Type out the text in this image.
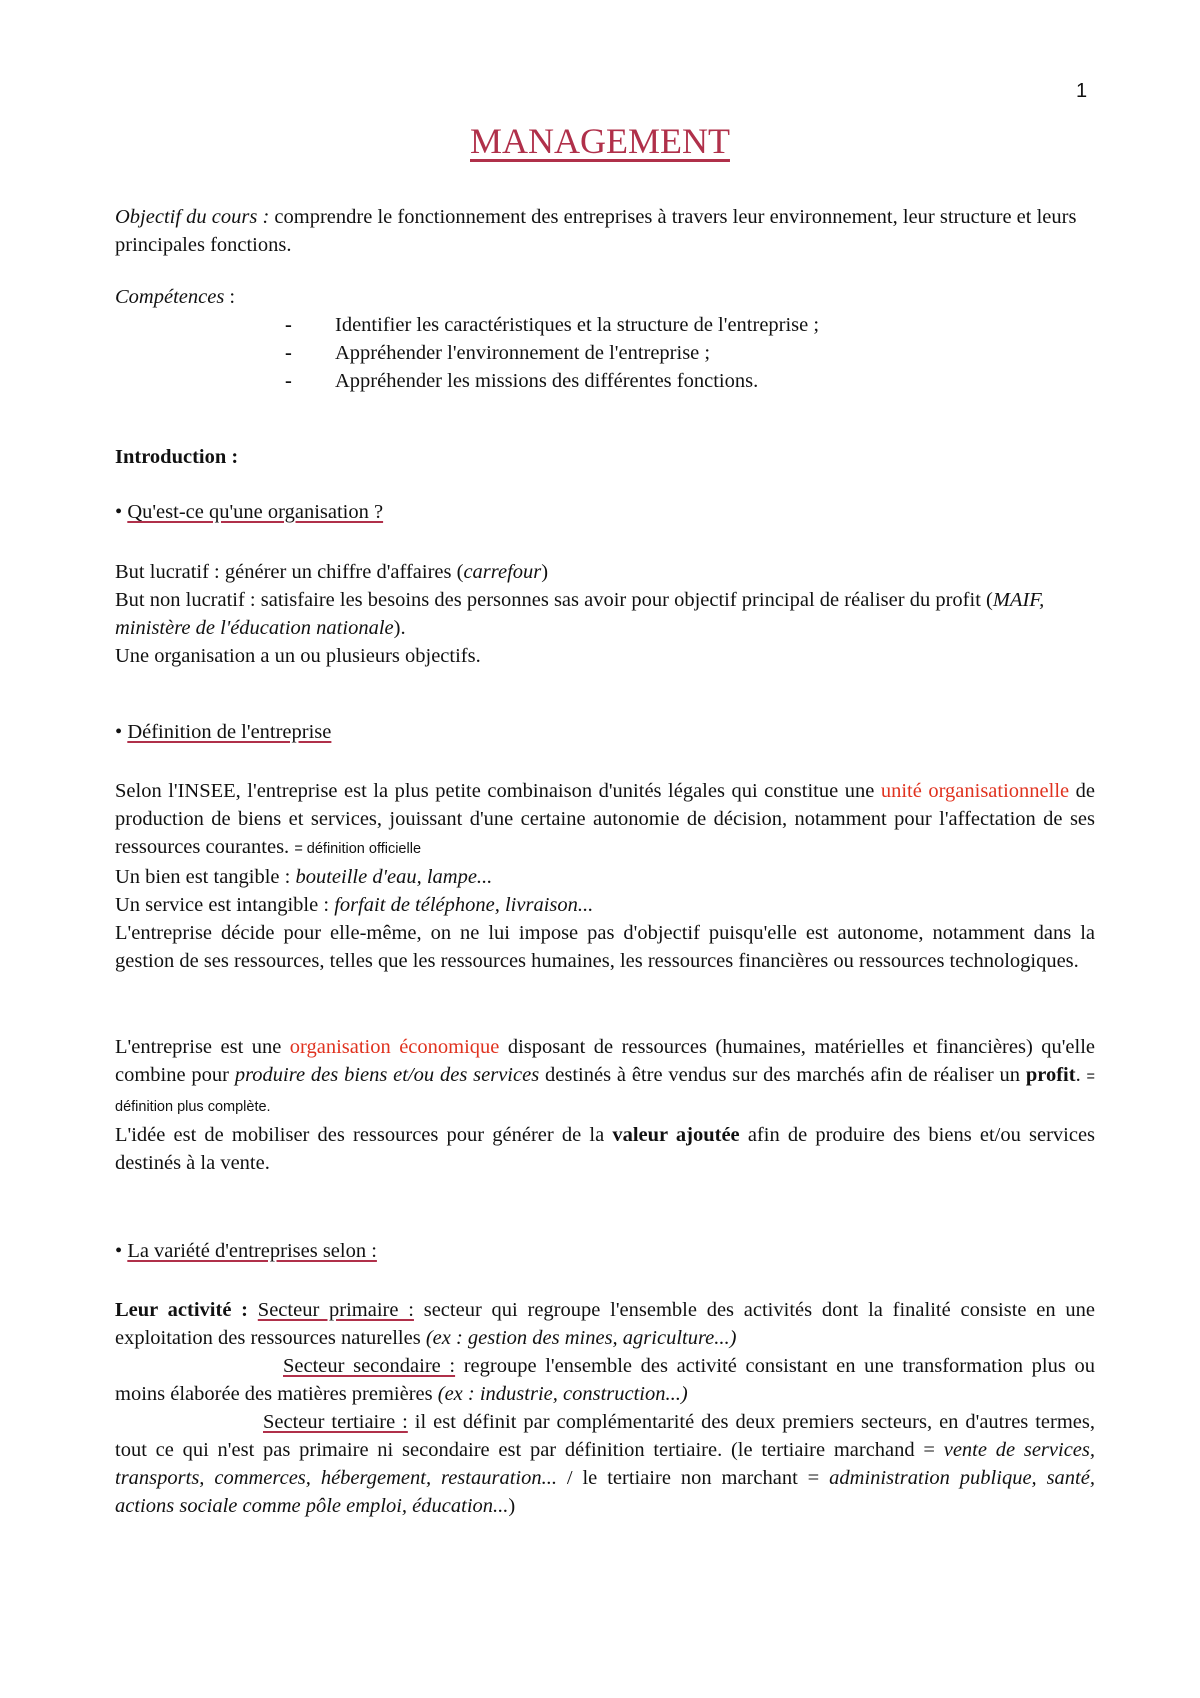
1
MANAGEMENT

Objectif du cours : comprendre le fonctionnement des entreprises à travers leur environnement, leur structure et leurs principales fonctions.

Compétences :

- Identifier les caractéristiques et la structure de l'entreprise ;
- Appréhender l'environnement de l'entreprise ;
- Appréhender les missions des différentes fonctions.

Introduction :

• Qu'est-ce qu'une organisation ?

But lucratif : générer un chiffre d'affaires (carrefour)

But non lucratif : satisfaire les besoins des personnes sas avoir pour objectif principal de réaliser du profit (MAIF, ministère de l'éducation nationale).

Une organisation a un ou plusieurs objectifs.

• Définition de l'entreprise

Selon l'INSEE, l'entreprise est la plus petite combinaison d'unités légales qui constitue une unité organisationnelle de production de biens et services, jouissant d'une certaine autonomie de décision, notamment pour l'affectation de ses ressources courantes. = définition officielle

Un bien est tangible : bouteille d'eau, lampe...

Un service est intangible : forfait de téléphone, livraison...

L'entreprise décide pour elle-même, on ne lui impose pas d'objectif puisqu'elle est autonome, notamment dans la gestion de ses ressources, telles que les ressources humaines, les ressources financières ou ressources technologiques.

L'entreprise est une organisation économique disposant de ressources (humaines, matérielles et financières) qu'elle combine pour produire des biens et/ou des services destinés à être vendus sur des marchés afin de réaliser un profit. = définition plus complète.

L'idée est de mobiliser des ressources pour générer de la valeur ajoutée afin de produire des biens et/ou services destinés à la vente.

• La variété d'entreprises selon :

Leur activité : Secteur primaire : secteur qui regroupe l'ensemble des activités dont la finalité consiste en une exploitation des ressources naturelles (ex : gestion des mines, agriculture...)

Secteur secondaire : regroupe l'ensemble des activité consistant en une transformation plus ou moins élaborée des matières premières (ex : industrie, construction...)

Secteur tertiaire : il est définit par complémentarité des deux premiers secteurs, en d'autres termes, tout ce qui n'est pas primaire ni secondaire est par définition tertiaire. (le tertiaire marchand = vente de services, transports, commerces, hébergement, restauration... / le tertiaire non marchant = administration publique, santé, actions sociale comme pôle emploi, éducation...)
